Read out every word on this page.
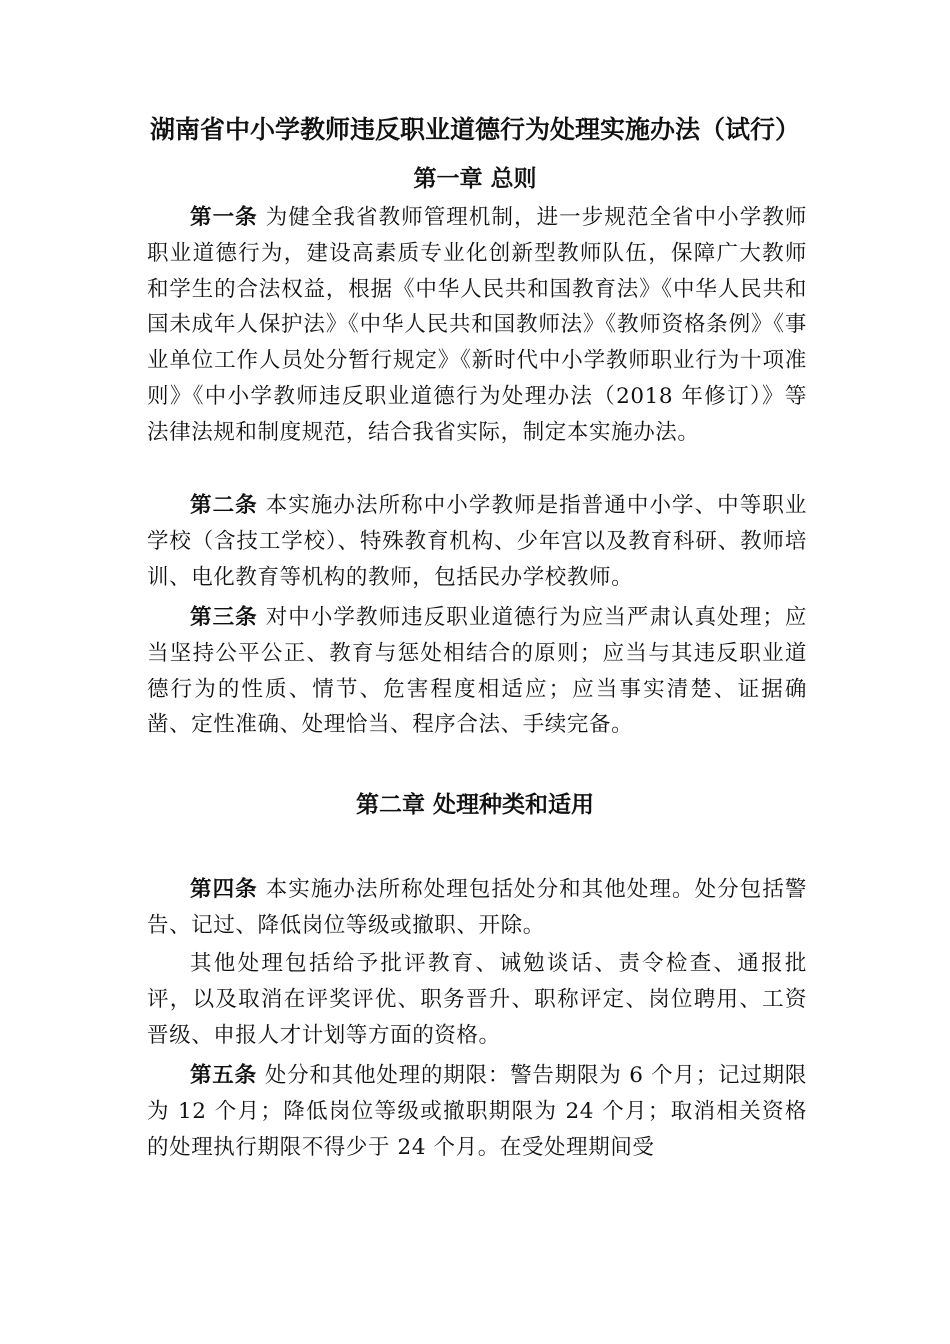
湖南省中小学教师违反职业道德行为处理实施办法（试行）
第一章 总则

第一条 为健全我省教师管理机制，进一步规范全省中小学教师职业道德行为，建设高素质专业化创新型教师队伍，保障广大教师和学生的合法权益，根据《中华人民共和国教育法》《中华人民共和国未成年人保护法》《中华人民共和国教师法》《教师资格条例》《事业单位工作人员处分暂行规定》《新时代中小学教师职业行为十项准则》《中小学教师违反职业道德行为处理办法（2018 年修订）》等法律法规和制度规范，结合我省实际，制定本实施办法。

第二条 本实施办法所称中小学教师是指普通中小学、中等职业学校（含技工学校）、特殊教育机构、少年宫以及教育科研、教师培训、电化教育等机构的教师，包括民办学校教师。

第三条 对中小学教师违反职业道德行为应当严肃认真处理；应当坚持公平公正、教育与惩处相结合的原则；应当与其违反职业道德行为的性质、情节、危害程度相适应；应当事实清楚、证据确凿、定性准确、处理恰当、程序合法、手续完备。

第二章 处理种类和适用

第四条 本实施办法所称处理包括处分和其他处理。处分包括警告、记过、降低岗位等级或撤职、开除。

其他处理包括给予批评教育、诫勉谈话、责令检查、通报批评，以及取消在评奖评优、职务晋升、职称评定、岗位聘用、工资晋级、申报人才计划等方面的资格。

第五条 处分和其他处理的期限：警告期限为 6 个月；记过期限为 12 个月；降低岗位等级或撤职期限为 24 个月；取消相关资格的处理执行期限不得少于 24 个月。在受处理期间受
